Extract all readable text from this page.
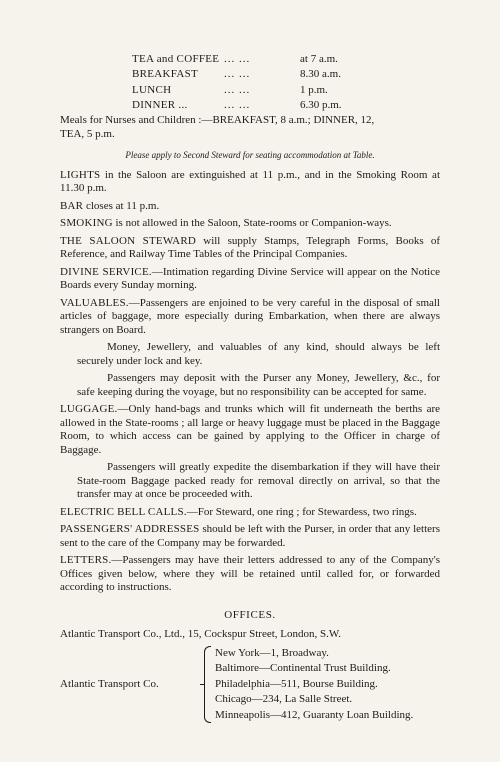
TEA and COFFEE ... ...	at 7 a.m.
BREAKFAST	... ...	8.30 a.m.
LUNCH	... ...	1 p.m.
DINNER ...	... ...	6.30 p.m.
Meals for Nurses and Children :—BREAKFAST, 8 a.m.; DINNER, 12,
TEA, 5 p.m.
Please apply to Second Steward for seating accommodation at Table.
LIGHTS in the Saloon are extinguished at 11 p.m., and in the Smoking Room at 11.30 p.m.
BAR closes at 11 p.m.
SMOKING is not allowed in the Saloon, State-rooms or Companion-ways.
THE SALOON STEWARD will supply Stamps, Telegraph Forms, Books of Reference, and Railway Time Tables of the Principal Companies.
DIVINE SERVICE.—Intimation regarding Divine Service will appear on the Notice Boards every Sunday morning.
VALUABLES.—Passengers are enjoined to be very careful in the disposal of small articles of baggage, more especially during Embarkation, when there are always strangers on Board.
Money, Jewellery, and valuables of any kind, should always be left securely under lock and key.
Passengers may deposit with the Purser any Money, Jewellery, &c., for safe keeping during the voyage, but no responsibility can be accepted for same.
LUGGAGE.—Only hand-bags and trunks which will fit underneath the berths are allowed in the State-rooms ; all large or heavy luggage must be placed in the Baggage Room, to which access can be gained by applying to the Officer in charge of Baggage.
Passengers will greatly expedite the disembarkation if they will have their State-room Baggage packed ready for removal directly on arrival, so that the transfer may at once be proceeded with.
ELECTRIC BELL CALLS.—For Steward, one ring ; for Stewardess, two rings.
PASSENGERS' ADDRESSES should be left with the Purser, in order that any letters sent to the care of the Company may be forwarded.
LETTERS.—Passengers may have their letters addressed to any of the Company's Offices given below, where they will be retained until called for, or forwarded according to instructions.
OFFICES.
Atlantic Transport Co., Ltd., 15, Cockspur Street, London, S.W.
Atlantic Transport Co.
New York—1, Broadway.
Baltimore—Continental Trust Building.
Philadelphia—511, Bourse Building.
Chicago—234, La Salle Street.
Minneapolis—412, Guaranty Loan Building.
